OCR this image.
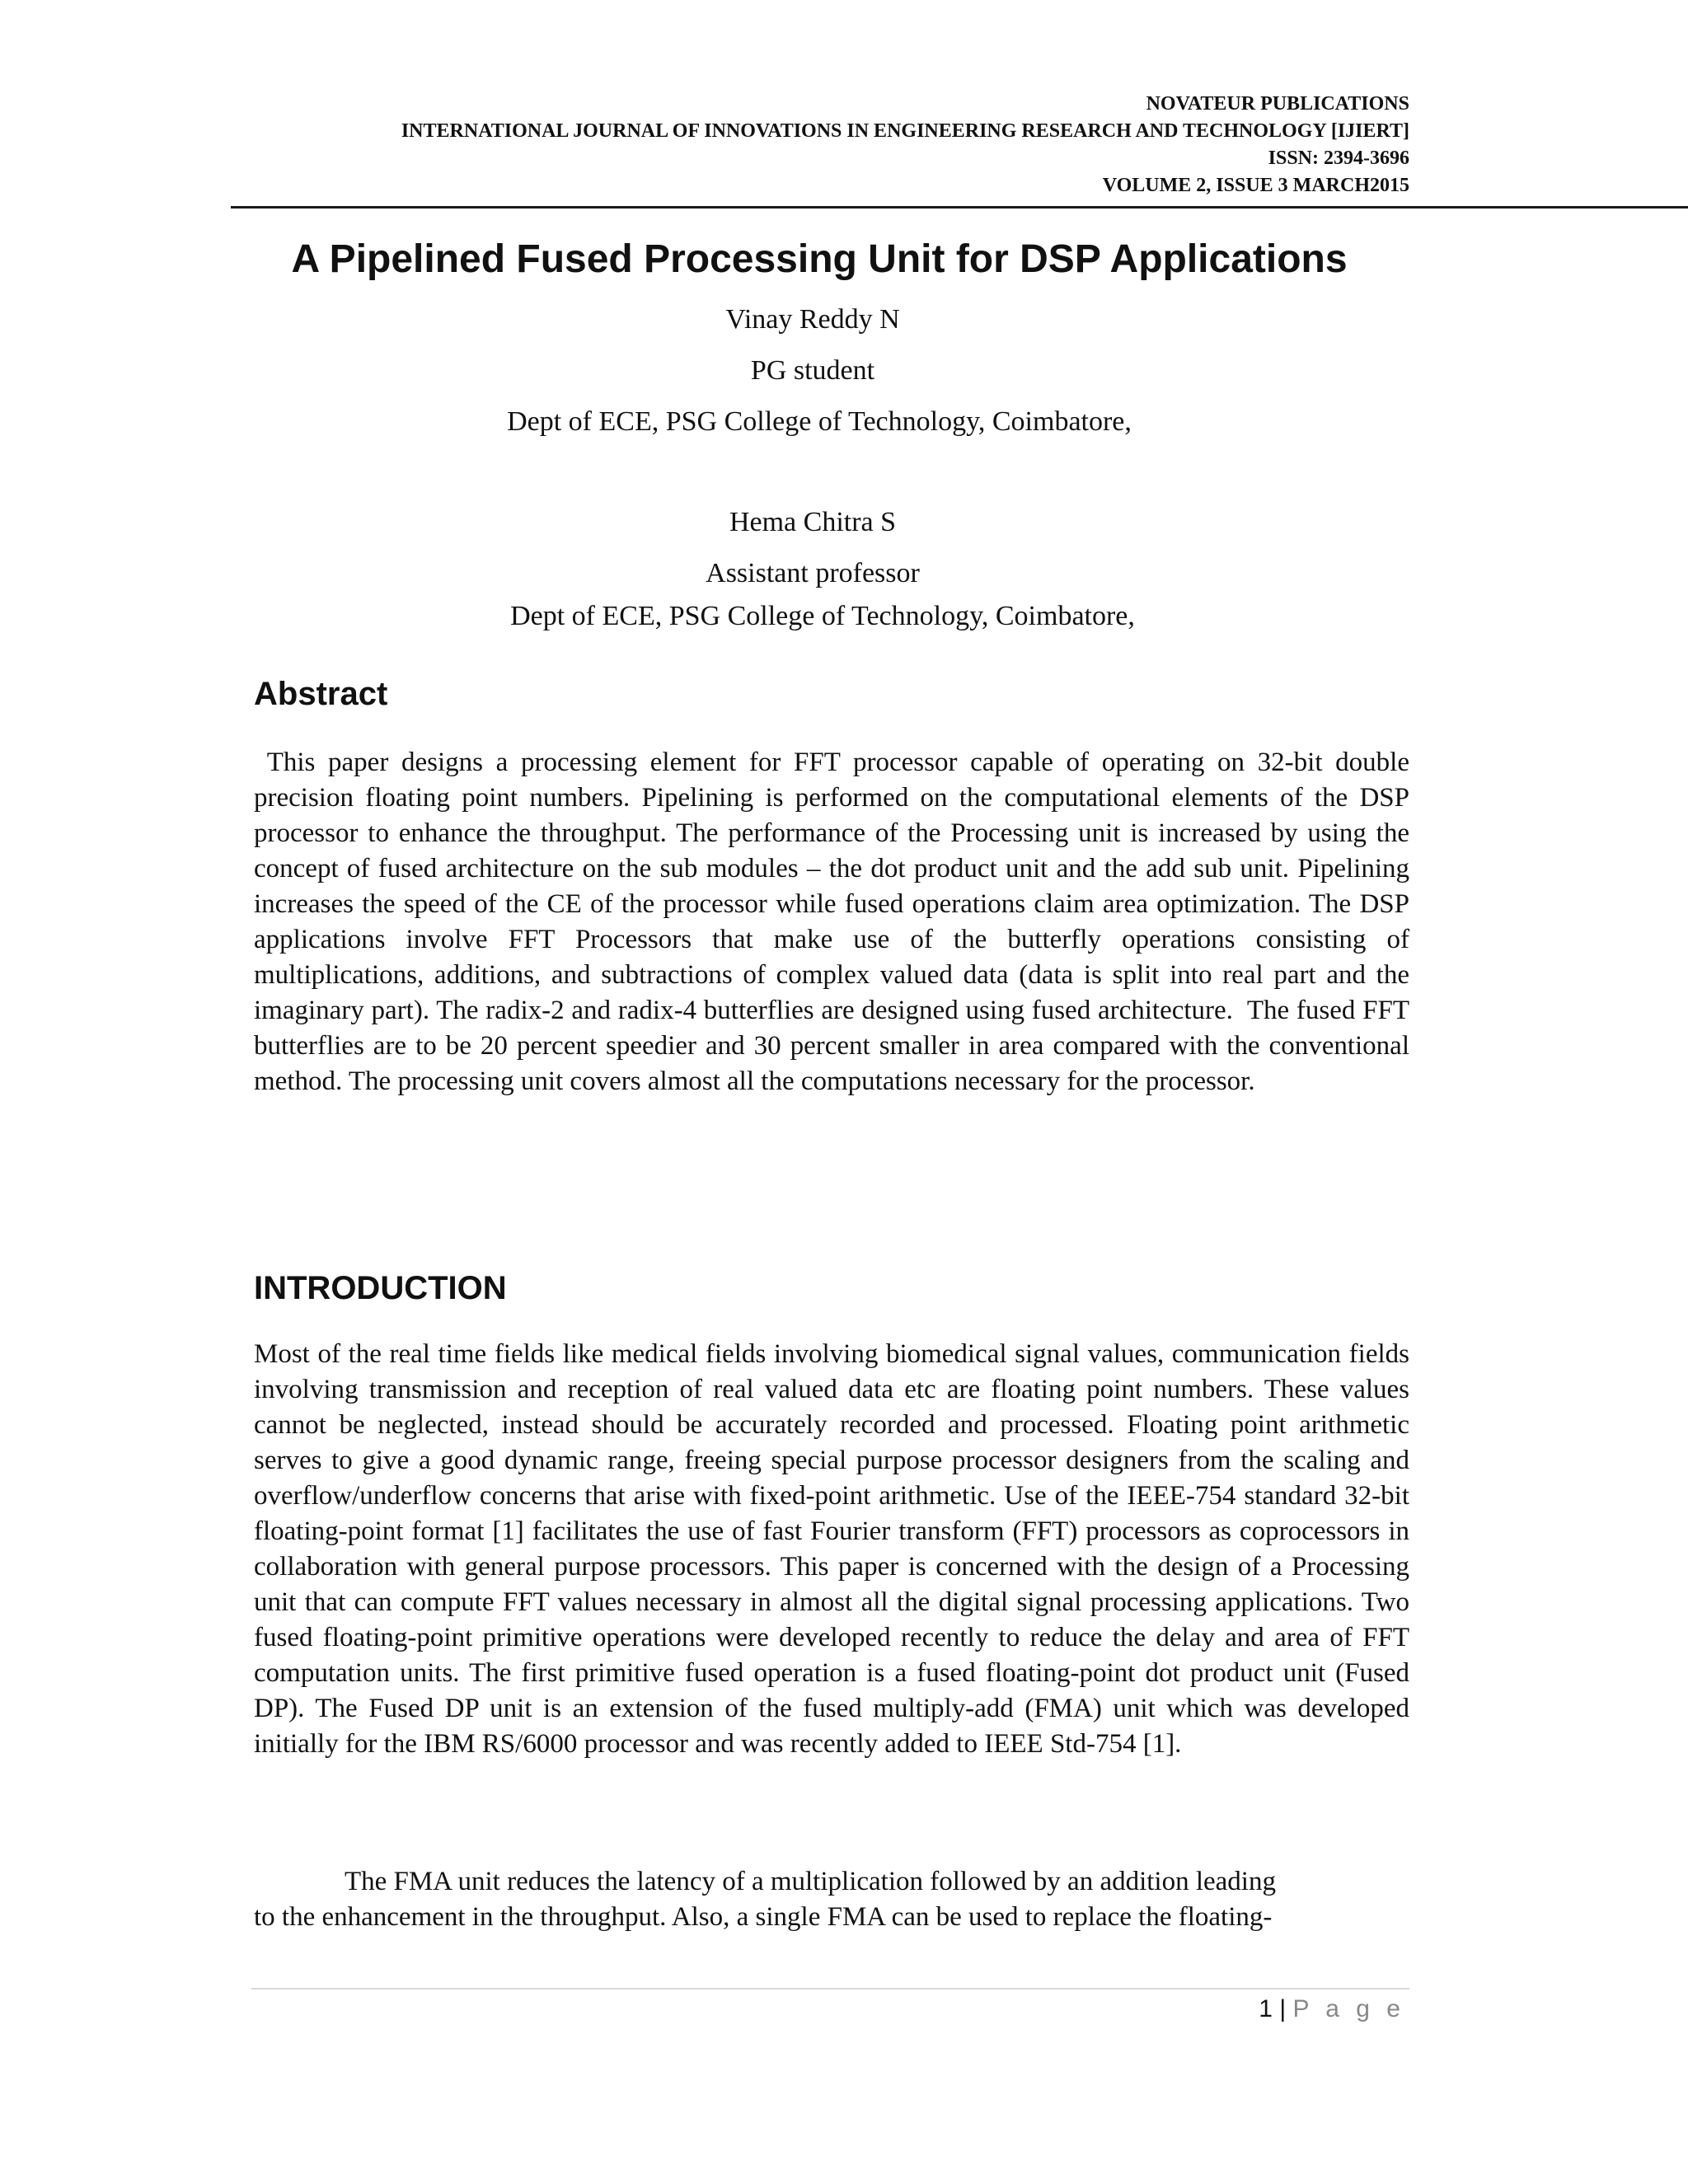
NOVATEUR PUBLICATIONS
INTERNATIONAL JOURNAL OF INNOVATIONS IN ENGINEERING RESEARCH AND TECHNOLOGY [IJIERT]
ISSN: 2394-3696
VOLUME 2, ISSUE 3 MARCH2015
A Pipelined Fused Processing Unit for DSP Applications
Vinay Reddy N
PG student
Dept of ECE, PSG College of Technology, Coimbatore,
Hema Chitra S
Assistant professor
Dept of ECE, PSG College of Technology, Coimbatore,
Abstract

This paper designs a processing element for FFT processor capable of operating on 32-bit double precision floating point numbers. Pipelining is performed on the computational elements of the DSP processor to enhance the throughput. The performance of the Processing unit is increased by using the concept of fused architecture on the sub modules – the dot product unit and the add sub unit. Pipelining increases the speed of the CE of the processor while fused operations claim area optimization. The DSP applications involve FFT Processors that make use of the butterfly operations consisting of multiplications, additions, and subtractions of complex valued data (data is split into real part and the imaginary part). The radix-2 and radix-4 butterflies are designed using fused architecture.  The fused FFT butterflies are to be 20 percent speedier and 30 percent smaller in area compared with the conventional method. The processing unit covers almost all the computations necessary for the processor.

INTRODUCTION

Most of the real time fields like medical fields involving biomedical signal values, communication fields involving transmission and reception of real valued data etc are floating point numbers. These values cannot be neglected, instead should be accurately recorded and processed. Floating point arithmetic serves to give a good dynamic range, freeing special purpose processor designers from the scaling and overflow/underflow concerns that arise with fixed-point arithmetic. Use of the IEEE-754 standard 32-bit floating-point format [1] facilitates the use of fast Fourier transform (FFT) processors as coprocessors in collaboration with general purpose processors. This paper is concerned with the design of a Processing unit that can compute FFT values necessary in almost all the digital signal processing applications. Two fused floating-point primitive operations were developed recently to reduce the delay and area of FFT computation units. The first primitive fused operation is a fused floating-point dot product unit (Fused DP). The Fused DP unit is an extension of the fused multiply-add (FMA) unit which was developed initially for the IBM RS/6000 processor and was recently added to IEEE Std-754 [1].

The FMA unit reduces the latency of a multiplication followed by an addition leading

to the enhancement in the throughput. Also, a single FMA can be used to replace the floating-

1 | P a g e
